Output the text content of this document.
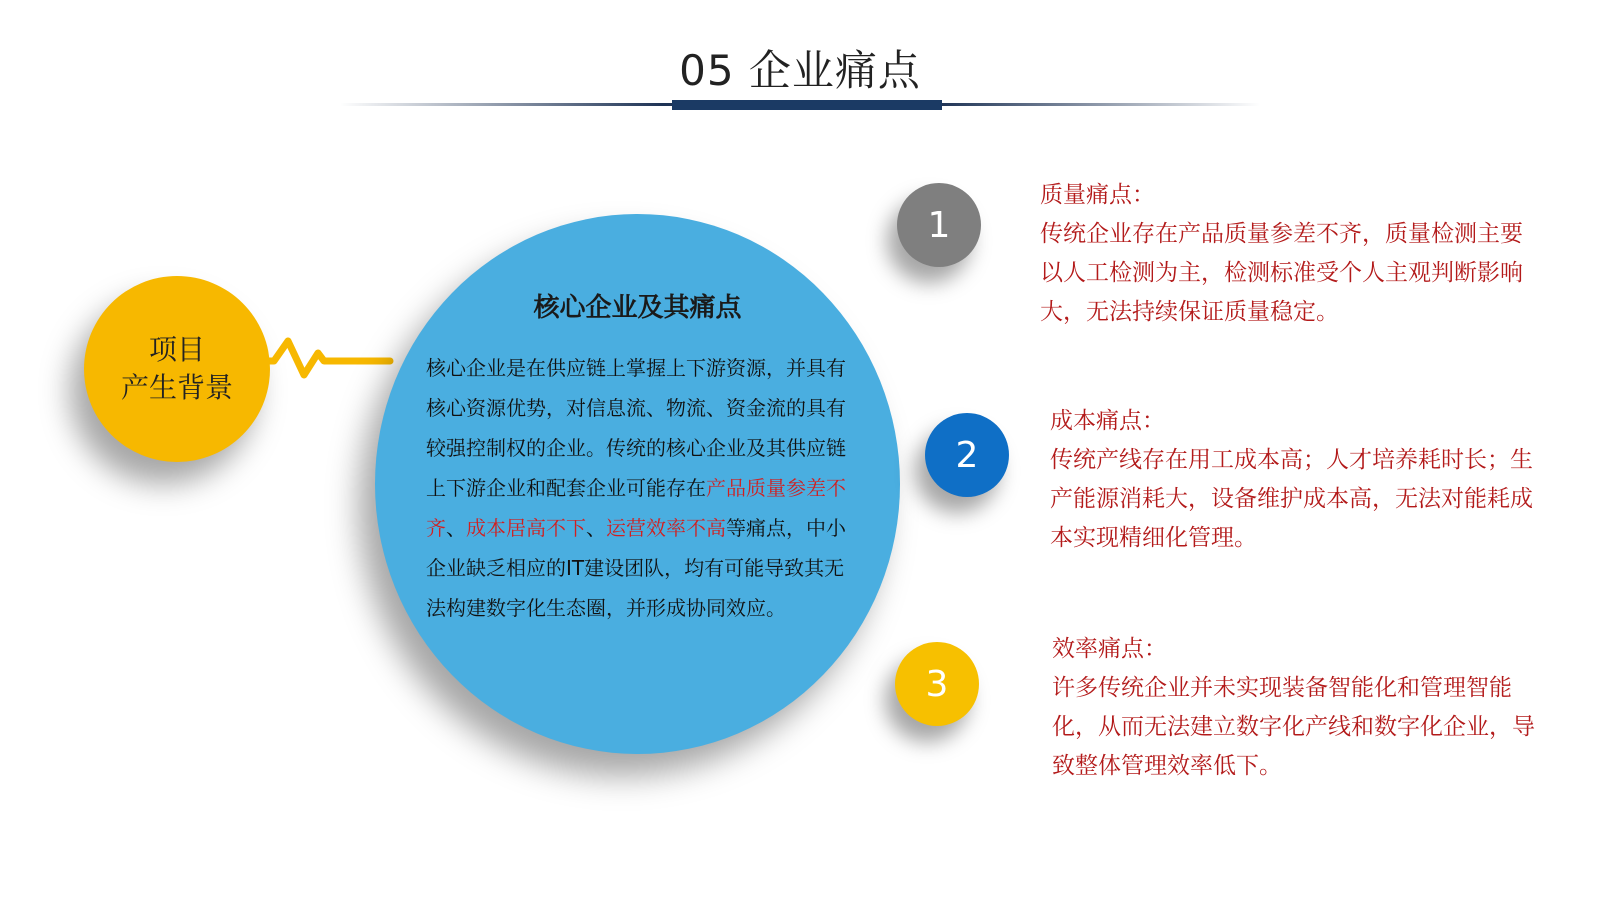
05 企业痛点
项目
产生背景
核心企业及其痛点
核心企业是在供应链上掌握上下游资源，并具有核心资源优势，对信息流、物流、资金流的具有较强控制权的企业。传统的核心企业及其供应链上下游企业和配套企业可能存在产品质量参差不齐、成本居高不下、运营效率不高等痛点，中小企业缺乏相应的IT建设团队，均有可能导致其无法构建数字化生态圈，并形成协同效应。
1
2
3
质量痛点：
传统企业存在产品质量参差不齐，质量检测主要以人工检测为主，检测标准受个人主观判断影响大，无法持续保证质量稳定。
成本痛点：
传统产线存在用工成本高；人才培养耗时长；生产能源消耗大，设备维护成本高，无法对能耗成本实现精细化管理。
效率痛点：
许多传统企业并未实现装备智能化和管理智能化，从而无法建立数字化产线和数字化企业，导致整体管理效率低下。
